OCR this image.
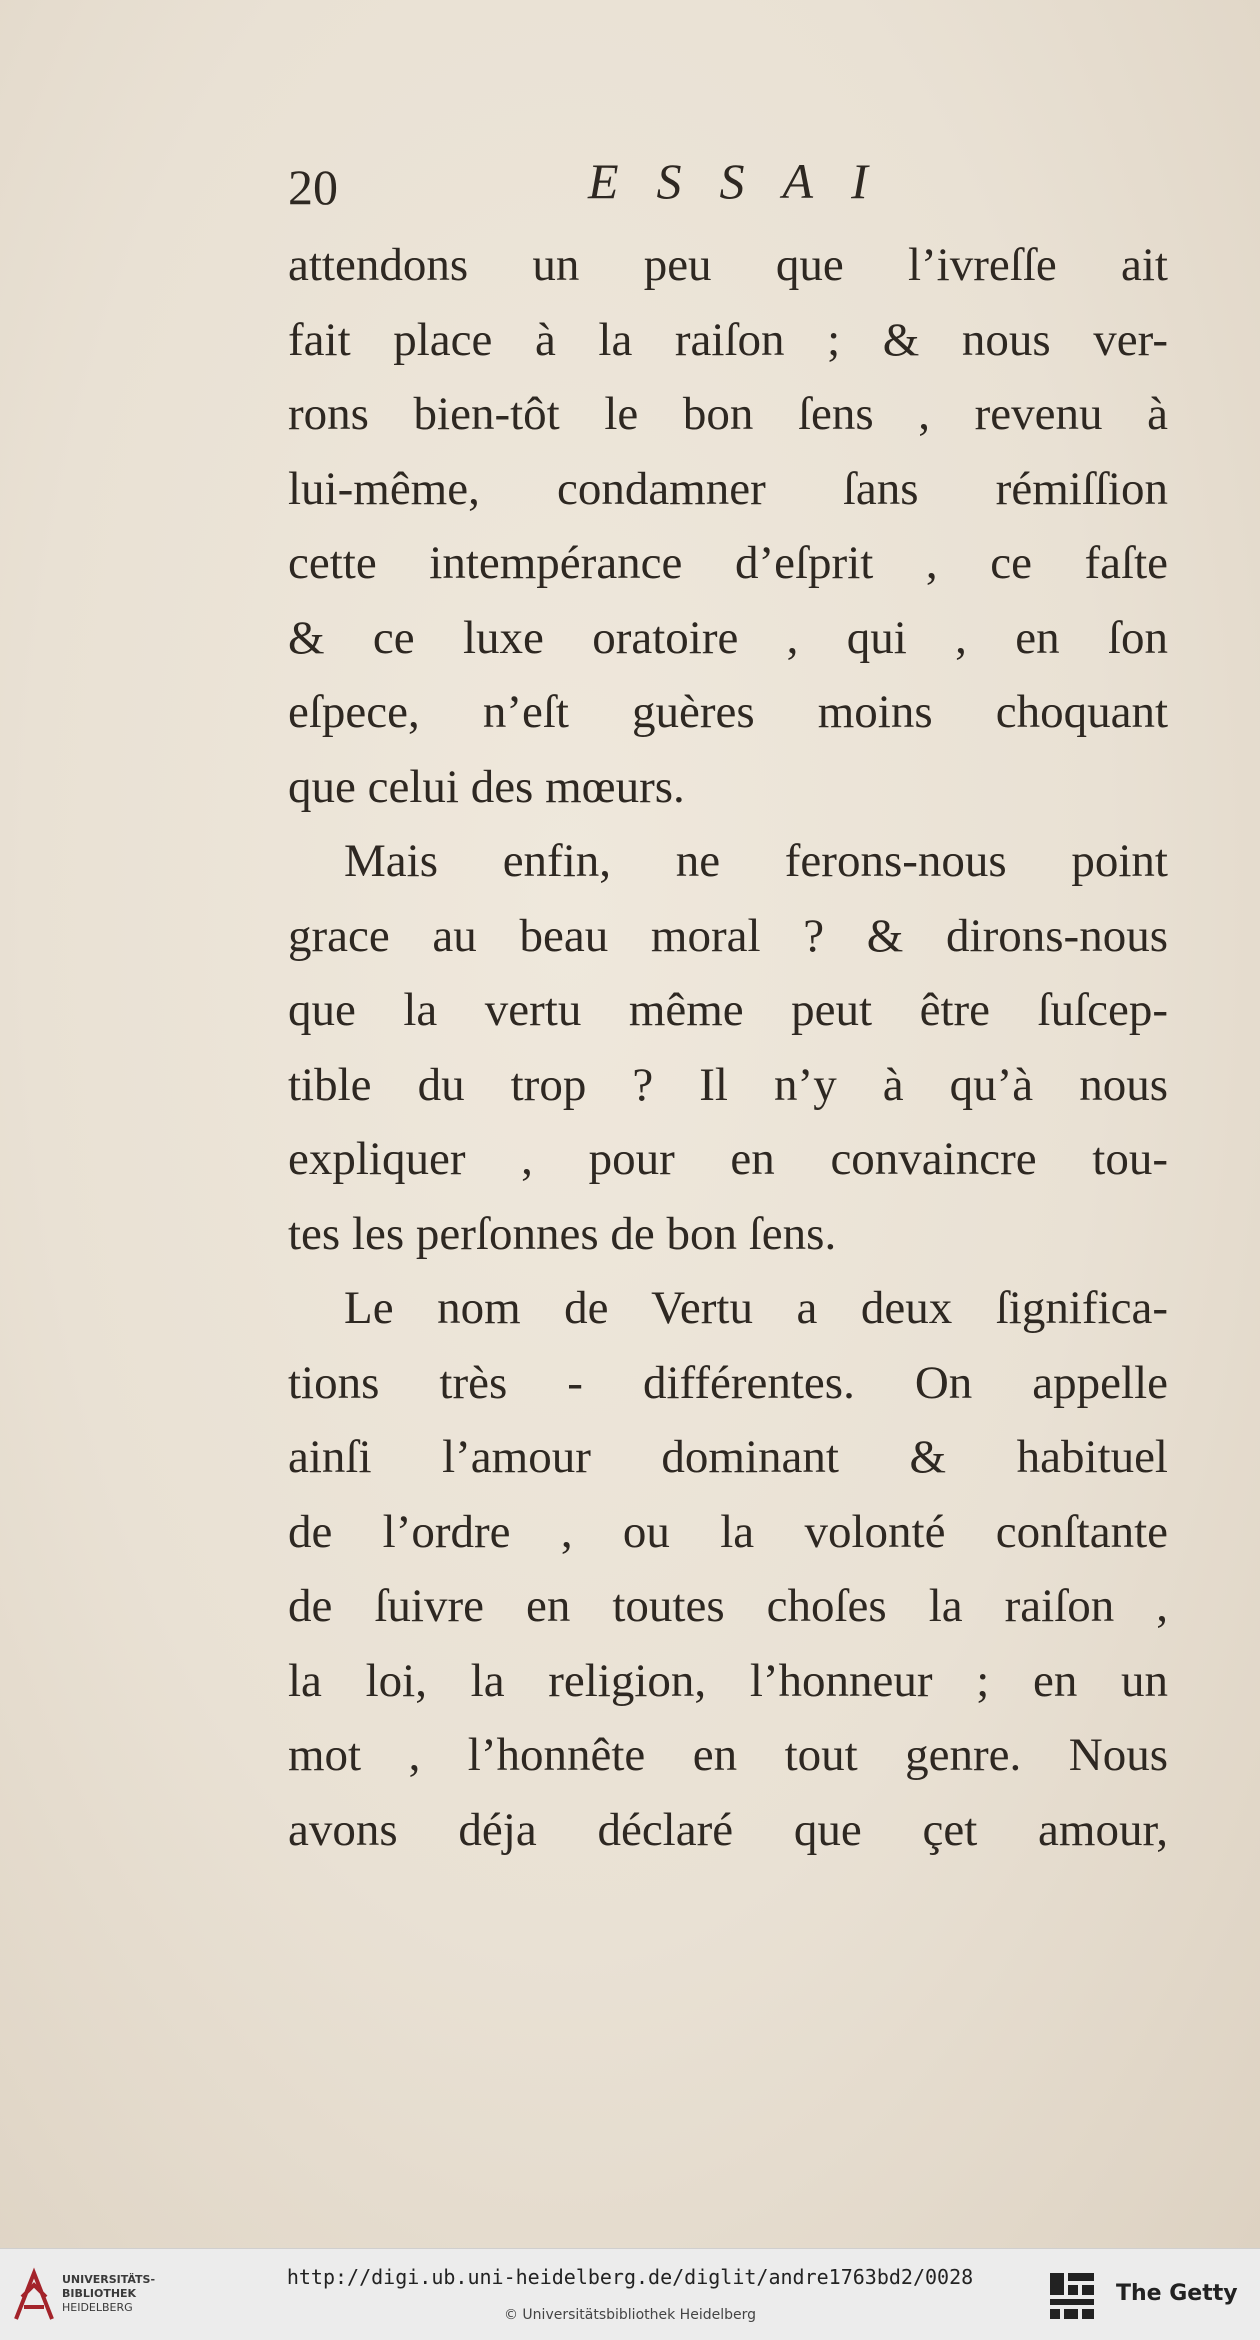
20	ESSAI
attendons un peu que l’ivreſſe ait
fait place à la raiſon ; & nous ver-
rons bien-tôt le bon ſens , revenu à
lui-même, condamner ſans rémiſſion
cette intempérance d’eſprit , ce faſte
& ce luxe oratoire , qui , en ſon
eſpece, n’eſt guères moins choquant
que celui des mœurs.
Mais enfin, ne ferons-nous point
grace au beau moral ? & dirons-nous
que la vertu même peut être ſuſcep-
tible du trop ? Il n’y à qu’à nous
expliquer , pour en convaincre tou-
tes les perſonnes de bon ſens.
Le nom de Vertu a deux ſignifica-
tions très - différentes. On appelle
ainſi l’amour dominant & habituel
de l’ordre , ou la volonté conſtante
de ſuivre en toutes choſes la raiſon ,
la loi, la religion, l’honneur ; en un
mot , l’honnête en tout genre. Nous
avons déja déclaré que çet amour,
UNIVERSITÄTS-
BIBLIOTHEK
HEIDELBERG
http://digi.ub.uni-heidelberg.de/diglit/andre1763bd2/0028
© Universitätsbibliothek Heidelberg
The Getty
